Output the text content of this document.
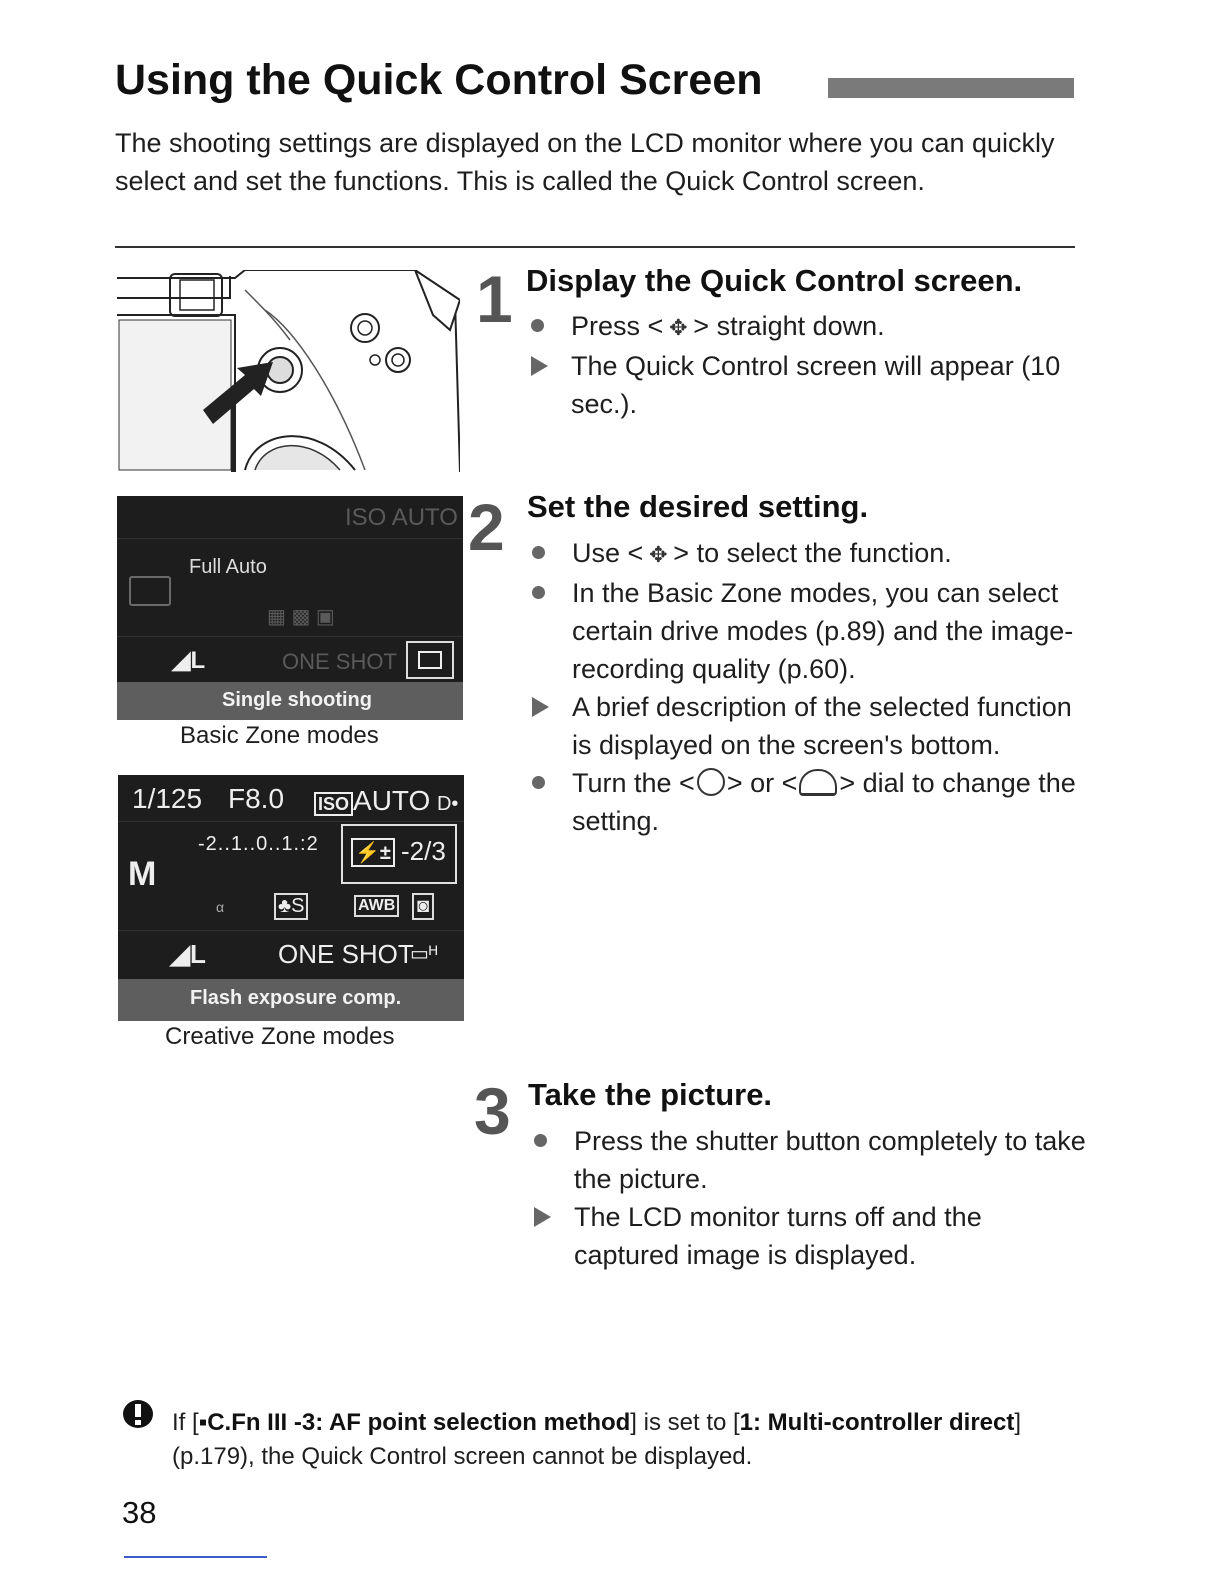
Using the Quick Control Screen
The shooting settings are displayed on the LCD monitor where you can quickly select and set the functions. This is called the Quick Control screen.
1
2
3
Display the Quick Control screen.
Press < ✥ > straight down.
The Quick Control screen will appear (10 sec.).
ISO AUTO
Full Auto
▦ ▩ ▣
◢L	ONE SHOT
Single shooting
Basic Zone modes
Set the desired setting.
Use < ✥ > to select the function.
In the Basic Zone modes, you can select certain drive modes (p.89) and the image-recording quality (p.60).
A brief description of the selected function is displayed on the screen's bottom.
Turn the < > or < > dial to change the setting.
1/125 F8.0 ISO AUTO D•
M
-2..1..0..1.:2 ⚡± -2/3
α	♣S	AWB ◙
◢L	ONE SHOT
▭ᴴ
Flash exposure comp.
Creative Zone modes
Take the picture.
Press the shutter button completely to take the picture.
The LCD monitor turns off and the captured image is displayed.
If [▪C.Fn III -3: AF point selection method] is set to [1: Multi-controller direct] (p.179), the Quick Control screen cannot be displayed.
38
